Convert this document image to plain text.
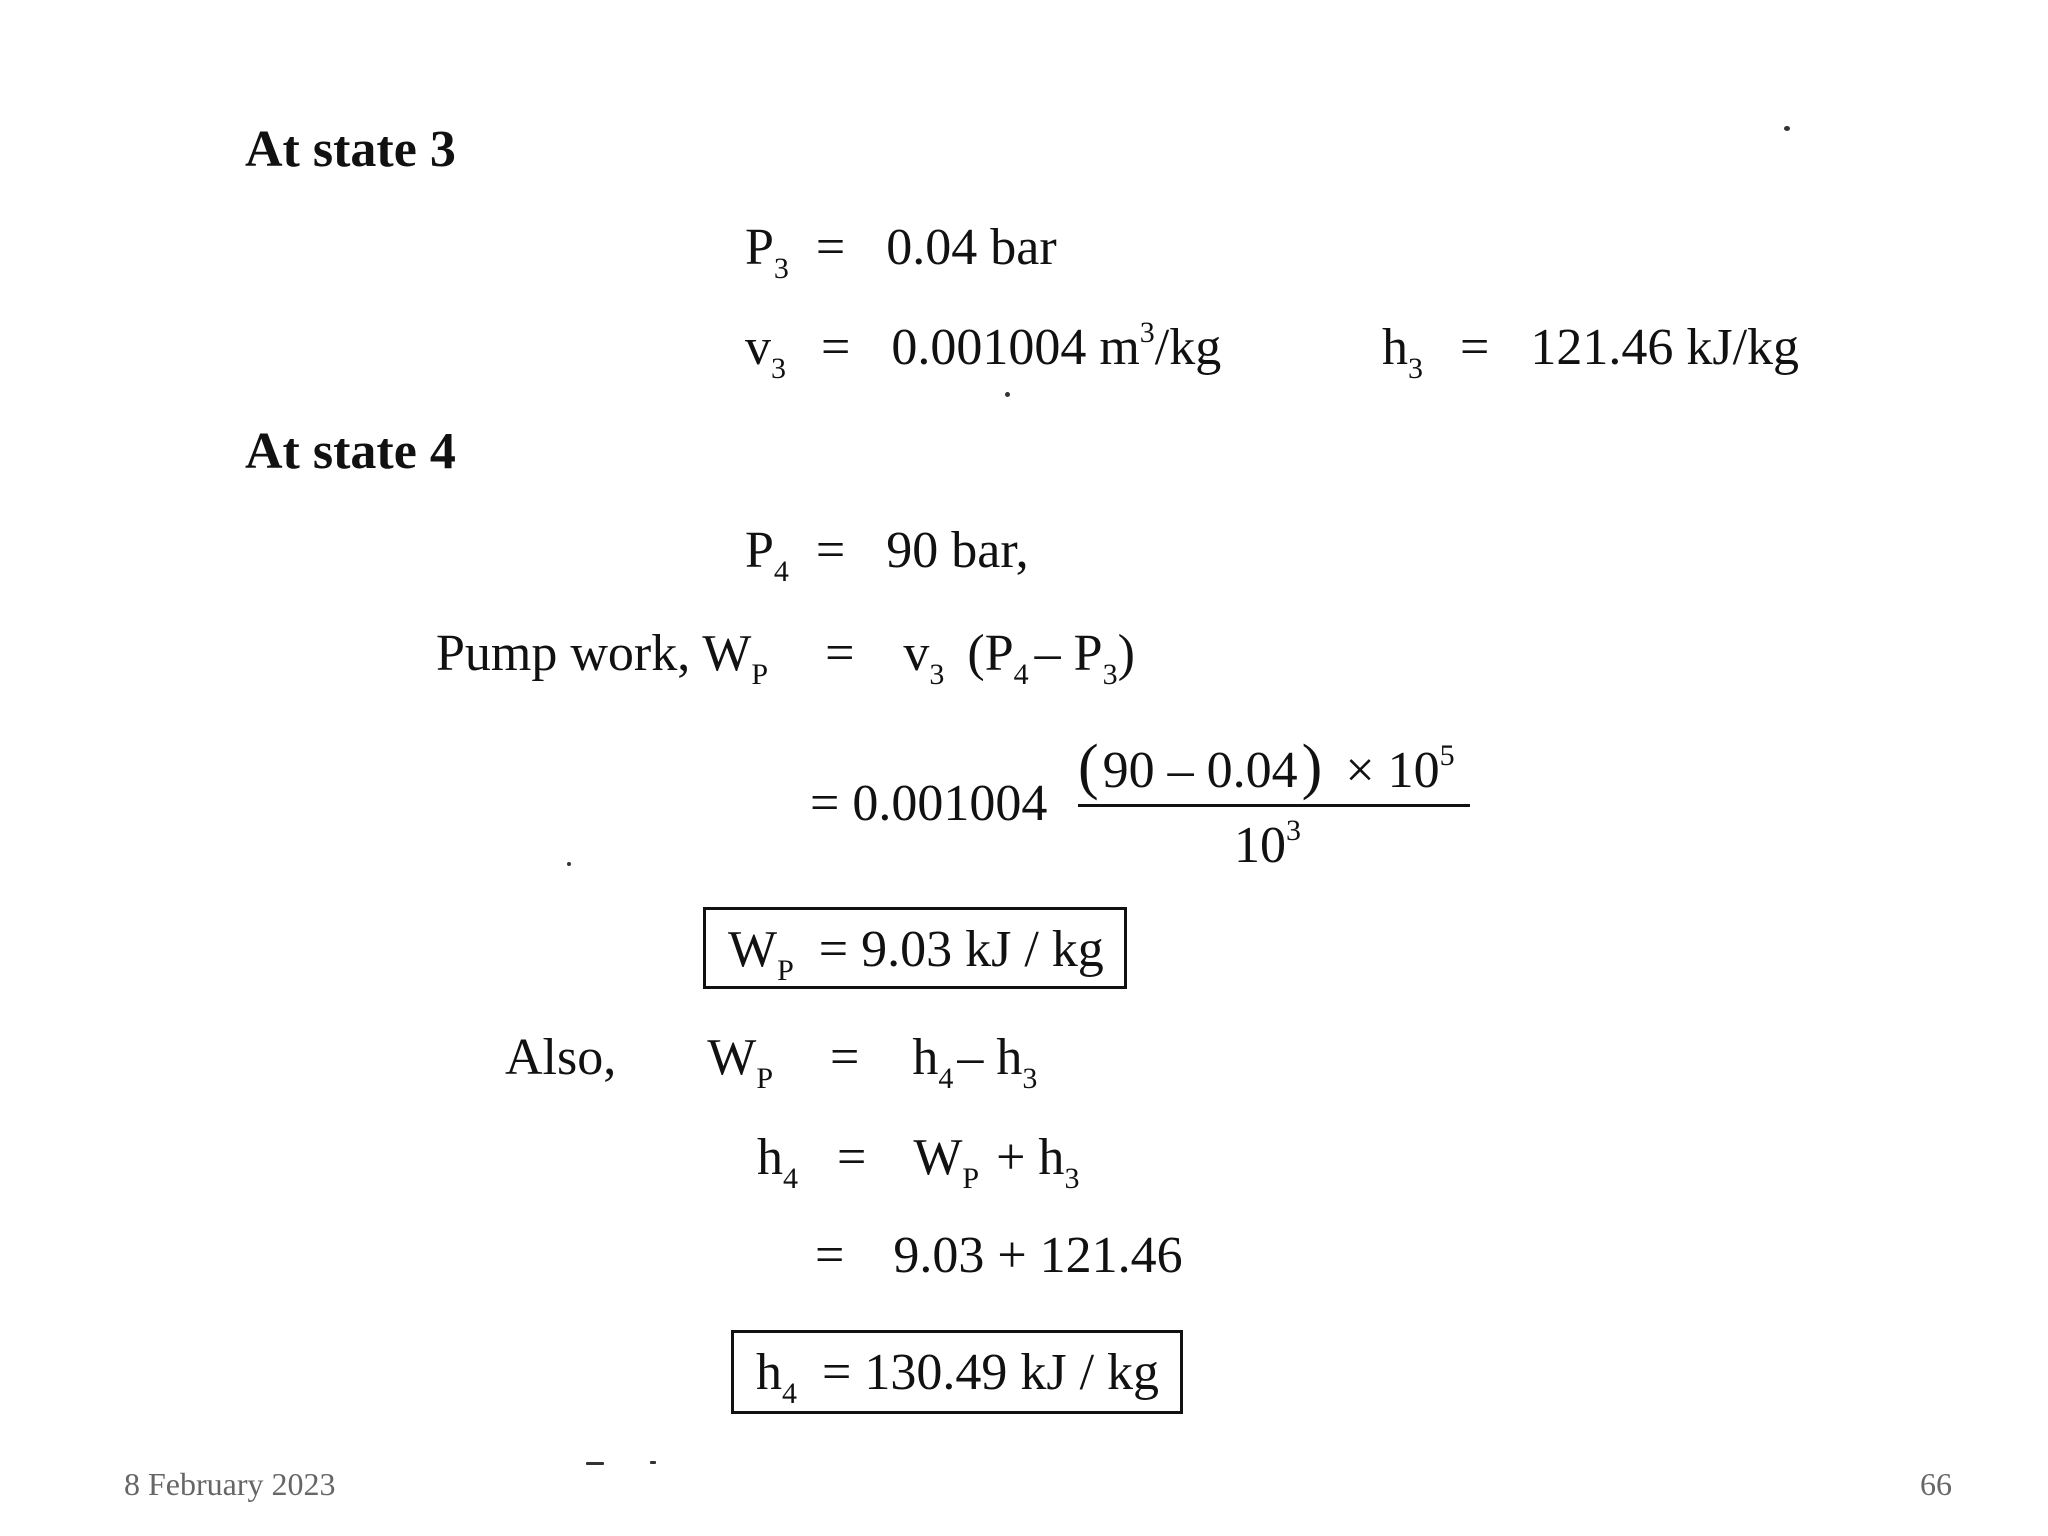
At state 3
$P_3 = 0.04$ bar
$v_3 = 0.001004$ $m^3/kg$	$h_3 = 121.46$ kJ/kg
At state 4
$P_4 = 90$ bar,
Pump work, $W_P = v_3$ $(P_4 - P_3)$
= 0.001004
$(90 - 0.04) \times 10^5$
$10^3$
$W_P = 9.03$ kJ / kg
Also, $W_P = h_4-$ $h_3$
$h_4 = W_P + h_3$
= 9.03 + 121.46
$h_4 = 130.49$ kJ / kg
8 February 2023	66
